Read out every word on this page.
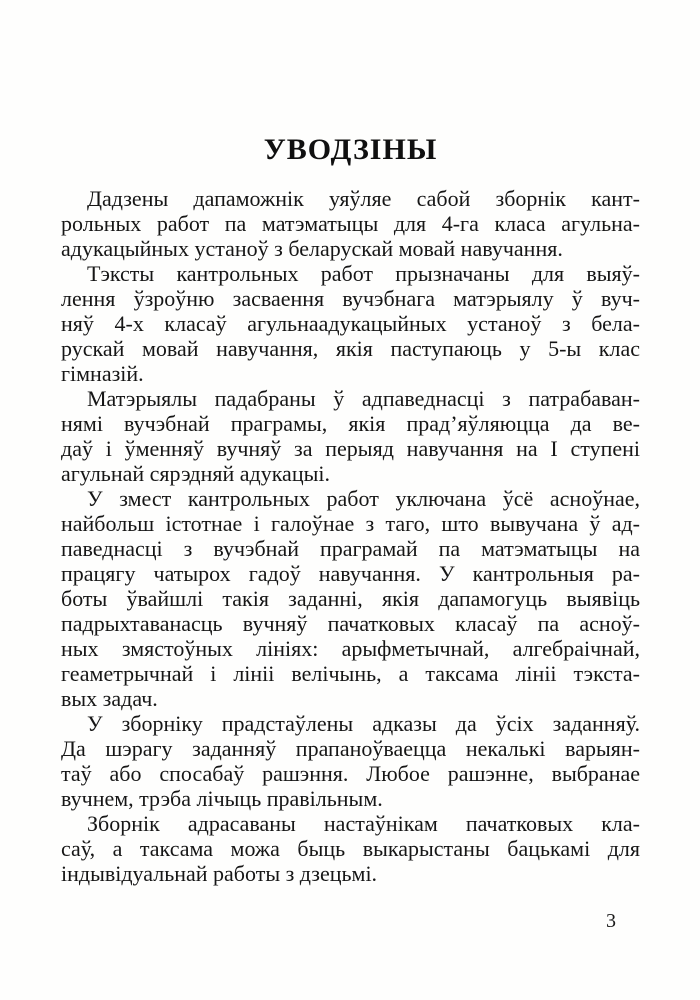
УВОДЗІНЫ
Дадзены дапаможнік уяўляе сабой зборнік кант-
рольных работ па матэматыцы для 4-га класа агульна-
адукацыйных устаноў з беларускай мовай навучання.
Тэксты кантрольных работ прызначаны для выяў-
лення ўзроўню засваення вучэбнага матэрыялу ў вуч-
няў 4-х класаў агульнаадукацыйных устаноў з бела-
рускай мовай навучання, якія паступаюць у 5-ы клас
гімназій.
Матэрыялы падабраны ў адпаведнасці з патрабаван-
нямі вучэбнай праграмы, якія прад’яўляюцца да ве-
даў і ўменняў вучняў за перыяд навучання на I ступені
агульнай сярэдняй адукацыі.
У змест кантрольных работ уключана ўсё асноўнае,
найбольш істотнае і галоўнае з таго, што вывучана ў ад-
паведнасці з вучэбнай праграмай па матэматыцы на
працягу чатырох гадоў навучання. У кантрольныя ра-
боты ўвайшлі такія заданні, якія дапамогуць выявіць
падрыхтаванасць вучняў пачатковых класаў па асноў-
ных змястоўных лініях: арыфметычнай, алгебраічнай,
геаметрычнай і лініі велічынь, а таксама лініі тэкста-
вых задач.
У зборніку прадстаўлены адказы да ўсіх заданняў.
Да шэрагу заданняў прапаноўваецца некалькі варыян-
таў або спосабаў рашэння. Любое рашэнне, выбранае
вучнем, трэба лічыць правільным.
Зборнік адрасаваны настаўнікам пачатковых кла-
саў, а таксама можа быць выкарыстаны бацькамі для
індывідуальнай работы з дзецьмі.
3
